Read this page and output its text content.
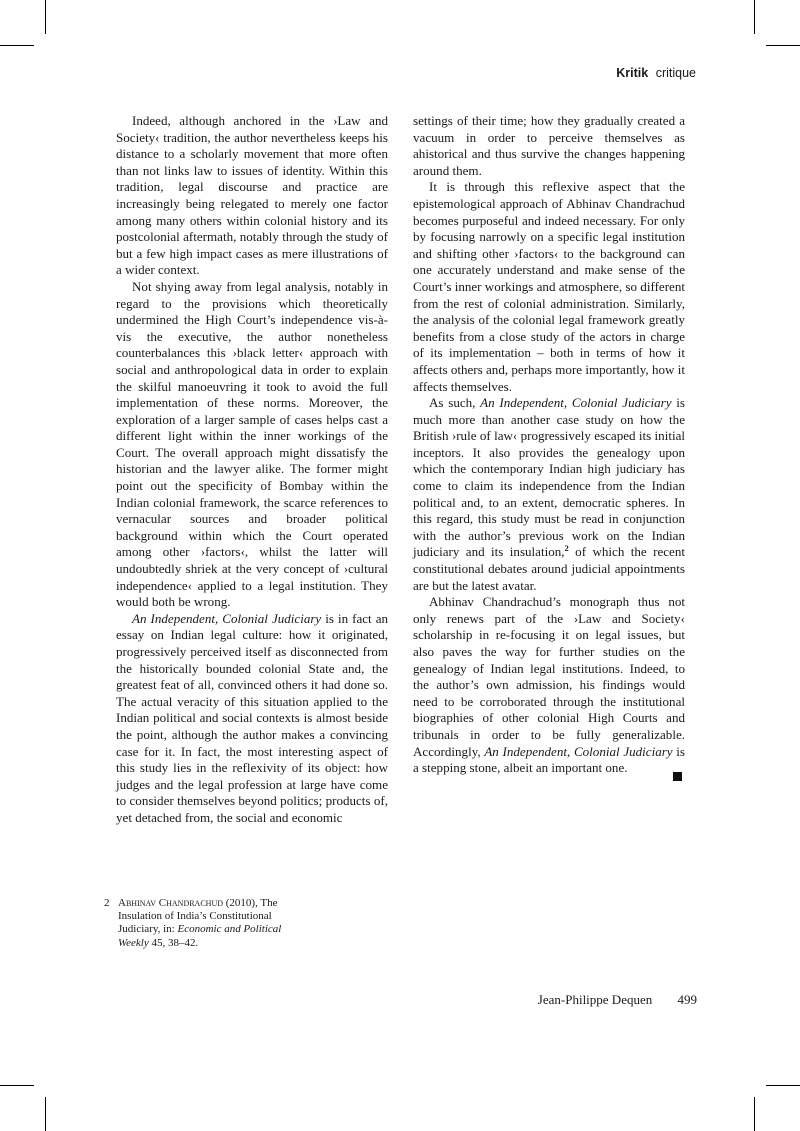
Kritik critique

Indeed, although anchored in the ›Law and Society‹ tradition, the author nevertheless keeps his distance to a scholarly movement that more often than not links law to issues of identity. Within this tradition, legal discourse and practice are increasingly being relegated to merely one factor among many others within colonial history and its postcolonial aftermath, notably through the study of but a few high impact cases as mere illustrations of a wider context.

Not shying away from legal analysis, notably in regard to the provisions which theoretically undermined the High Court’s independence vis-à-vis the executive, the author nonetheless counterbalances this ›black letter‹ approach with social and anthropological data in order to explain the skilful manoeuvring it took to avoid the full implementation of these norms. Moreover, the exploration of a larger sample of cases helps cast a different light within the inner workings of the Court. The overall approach might dissatisfy the historian and the lawyer alike. The former might point out the specificity of Bombay within the Indian colonial framework, the scarce references to vernacular sources and broader political background within which the Court operated among other ›factors‹, whilst the latter will undoubtedly shriek at the very concept of ›cultural independence‹ applied to a legal institution. They would both be wrong.

An Independent, Colonial Judiciary is in fact an essay on Indian legal culture: how it originated, progressively perceived itself as disconnected from the historically bounded colonial State and, the greatest feat of all, convinced others it had done so. The actual veracity of this situation applied to the Indian political and social contexts is almost beside the point, although the author makes a convincing case for it. In fact, the most interesting aspect of this study lies in the reflexivity of its object: how judges and the legal profession at large have come to consider themselves beyond politics; products of, yet detached from, the social and economic

settings of their time; how they gradually created a vacuum in order to perceive themselves as ahistorical and thus survive the changes happening around them.

It is through this reflexive aspect that the epistemological approach of Abhinav Chandrachud becomes purposeful and indeed necessary. For only by focusing narrowly on a specific legal institution and shifting other ›factors‹ to the background can one accurately understand and make sense of the Court’s inner workings and atmosphere, so different from the rest of colonial administration. Similarly, the analysis of the colonial legal framework greatly benefits from a close study of the actors in charge of its implementation – both in terms of how it affects others and, perhaps more importantly, how it affects themselves.

As such, An Independent, Colonial Judiciary is much more than another case study on how the British ›rule of law‹ progressively escaped its initial inceptors. It also provides the genealogy upon which the contemporary Indian high judiciary has come to claim its independence from the Indian political and, to an extent, democratic spheres. In this regard, this study must be read in conjunction with the author’s previous work on the Indian judiciary and its insulation,$^2$ of which the recent constitutional debates around judicial appointments are but the latest avatar.

Abhinav Chandrachud’s monograph thus not only renews part of the ›Law and Society‹ scholarship in re-focusing it on legal issues, but also paves the way for further studies on the genealogy of Indian legal institutions. Indeed, to the author’s own admission, his findings would need to be corroborated through the institutional biographies of other colonial High Courts and tribunals in order to be fully generalizable. Accordingly, An Independent, Colonial Judiciary is a stepping stone, albeit an important one.

2 Abhinav Chandrachud (2010), The Insulation of India’s Constitutional Judiciary, in: Economic and Political Weekly 45, 38–42.
Jean-Philippe Dequen 499
